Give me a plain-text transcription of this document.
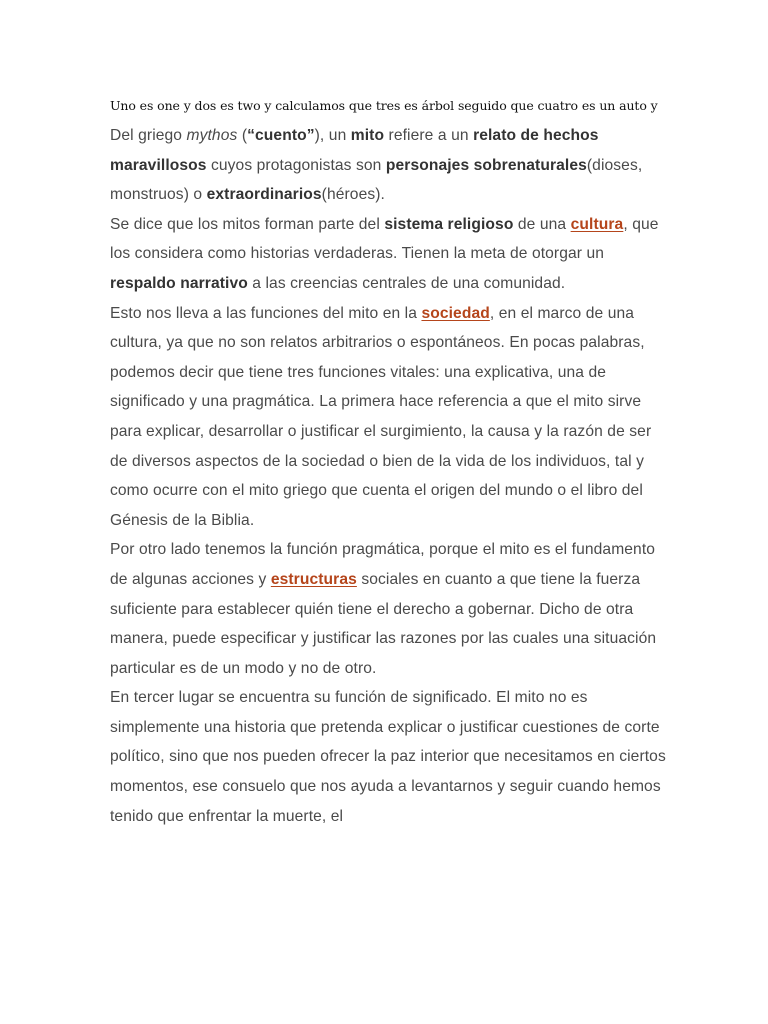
Uno es one y dos es two y calculamos que tres es árbol seguido que cuatro es un auto y

Del griego mythos (“cuento”), un mito refiere a un relato de hechos maravillosos cuyos protagonistas son personajes sobrenaturales(dioses, monstruos) o extraordinarios(héroes).

Se dice que los mitos forman parte del sistema religioso de una cultura, que los considera como historias verdaderas. Tienen la meta de otorgar un respaldo narrativo a las creencias centrales de una comunidad.

Esto nos lleva a las funciones del mito en la sociedad, en el marco de una cultura, ya que no son relatos arbitrarios o espontáneos. En pocas palabras, podemos decir que tiene tres funciones vitales: una explicativa, una de significado y una pragmática. La primera hace referencia a que el mito sirve para explicar, desarrollar o justificar el surgimiento, la causa y la razón de ser de diversos aspectos de la sociedad o bien de la vida de los individuos, tal y como ocurre con el mito griego que cuenta el origen del mundo o el libro del Génesis de la Biblia.

Por otro lado tenemos la función pragmática, porque el mito es el fundamento de algunas acciones y estructuras sociales en cuanto a que tiene la fuerza suficiente para establecer quién tiene el derecho a gobernar. Dicho de otra manera, puede especificar y justificar las razones por las cuales una situación particular es de un modo y no de otro.

En tercer lugar se encuentra su función de significado. El mito no es simplemente una historia que pretenda explicar o justificar cuestiones de corte político, sino que nos pueden ofrecer la paz interior que necesitamos en ciertos momentos, ese consuelo que nos ayuda a levantarnos y seguir cuando hemos tenido que enfrentar la muerte, el
